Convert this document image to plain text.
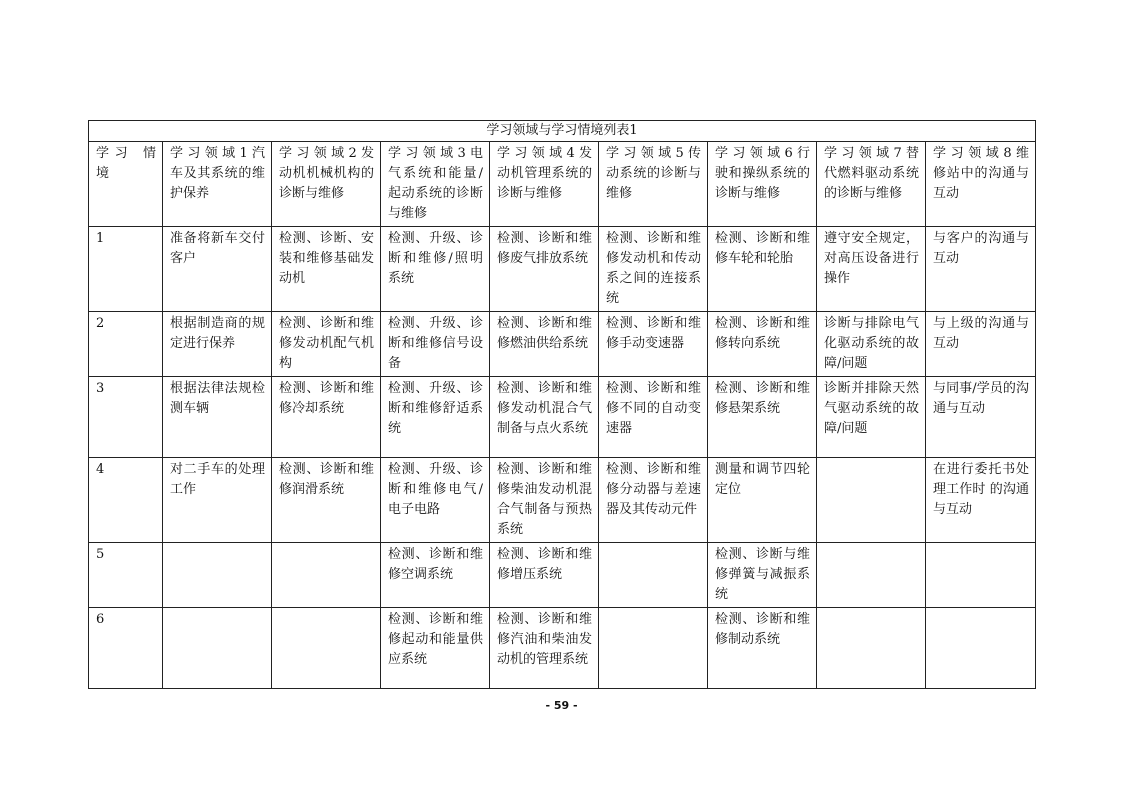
学习领域与学习情境列表1								
学习 情 境	学 习 领 域 1 汽车及其系统的维护保养	学 习 领 域 2 发动机机械机构的诊断与维修	学 习 领 域 3 电气系统和能量/起动系统的诊断与维修	学 习 领 域 4 发动机管理系统的诊断与维修	学 习 领 域 5 传动系统的诊断与维修	学 习 领 域 6 行驶和操纵系统的诊断与维修	学 习 领 域 7 替代燃料驱动系统的诊断与维修	学 习 领 域 8 维修站中的沟通与互动
1	准备将新车交付客户	检测、诊断、安装和维修基础发动机	检测、升级、诊断和维修/照明系统	检测、诊断和维修废气排放系统	检测、诊断和维修发动机和传动系之间的连接系统	检测、诊断和维修车轮和轮胎	遵守安全规定，对高压设备进行操作	与客户的沟通与互动
2	根据制造商的规定进行保养	检测、诊断和维修发动机配气机构	检测、升级、诊断和维修信号设备	检测、诊断和维修燃油供给系统	检测、诊断和维修手动变速器	检测、诊断和维修转向系统	诊断与排除电气化驱动系统的故障/问题	与上级的沟通与互动
3	根据法律法规检测车辆	检测、诊断和维修冷却系统	检测、升级、诊断和维修舒适系统	检测、诊断和维修发动机混合气制备与点火系统	检测、诊断和维修不同的自动变速器	检测、诊断和维修悬架系统	诊断并排除天然气驱动系统的故障/问题	与同事/学员的沟通与互动
4	对二手车的处理工作	检测、诊断和维修润滑系统	检测、升级、诊断和维修电气/电子电路	检测、诊断和维修柴油发动机混合气制备与预热系统	检测、诊断和维修分动器与差速器及其传动元件	测量和调节四轮定位		在进行委托书处理工作时 的沟通与互动
5			检测、诊断和维修空调系统	检测、诊断和维修增压系统		检测、诊断与维修弹簧与减振系统		
6			检测、诊断和维修起动和能量供应系统	检测、诊断和维修汽油和柴油发动机的管理系统		检测、诊断和维修制动系统		
- 59 -
